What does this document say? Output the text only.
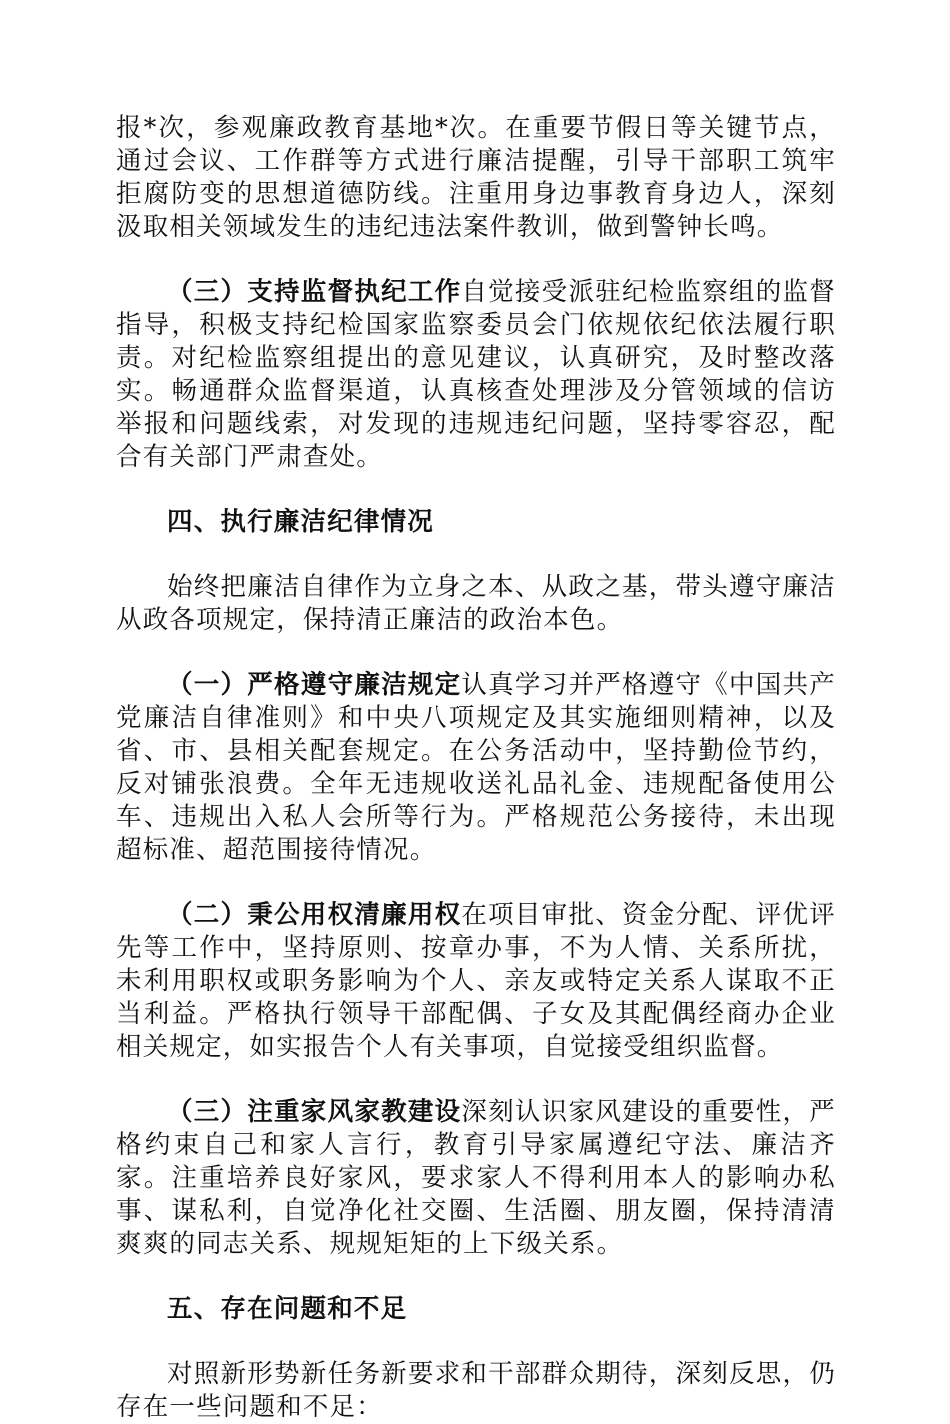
报*次，参观廉政教育基地*次。在重要节假日等关键节点，通过会议、工作群等方式进行廉洁提醒，引导干部职工筑牢拒腐防变的思想道德防线。注重用身边事教育身边人，深刻汲取相关领域发生的违纪违法案件教训，做到警钟长鸣。

（三）支持监督执纪工作自觉接受派驻纪检监察组的监督指导，积极支持纪检国家监察委员会门依规依纪依法履行职责。对纪检监察组提出的意见建议，认真研究，及时整改落实。畅通群众监督渠道，认真核查处理涉及分管领域的信访举报和问题线索，对发现的违规违纪问题，坚持零容忍，配合有关部门严肃查处。

四、执行廉洁纪律情况

始终把廉洁自律作为立身之本、从政之基，带头遵守廉洁从政各项规定，保持清正廉洁的政治本色。

（一）严格遵守廉洁规定认真学习并严格遵守《中国共产党廉洁自律准则》和中央八项规定及其实施细则精神，以及省、市、县相关配套规定。在公务活动中，坚持勤俭节约，反对铺张浪费。全年无违规收送礼品礼金、违规配备使用公车、违规出入私人会所等行为。严格规范公务接待，未出现超标准、超范围接待情况。

（二）秉公用权清廉用权在项目审批、资金分配、评优评先等工作中，坚持原则、按章办事，不为人情、关系所扰，未利用职权或职务影响为个人、亲友或特定关系人谋取不正当利益。严格执行领导干部配偶、子女及其配偶经商办企业相关规定，如实报告个人有关事项，自觉接受组织监督。

（三）注重家风家教建设深刻认识家风建设的重要性，严格约束自己和家人言行，教育引导家属遵纪守法、廉洁齐家。注重培养良好家风，要求家人不得利用本人的影响办私事、谋私利，自觉净化社交圈、生活圈、朋友圈，保持清清爽爽的同志关系、规规矩矩的上下级关系。

五、存在问题和不足

对照新形势新任务新要求和干部群众期待，深刻反思，仍存在一些问题和不足：
